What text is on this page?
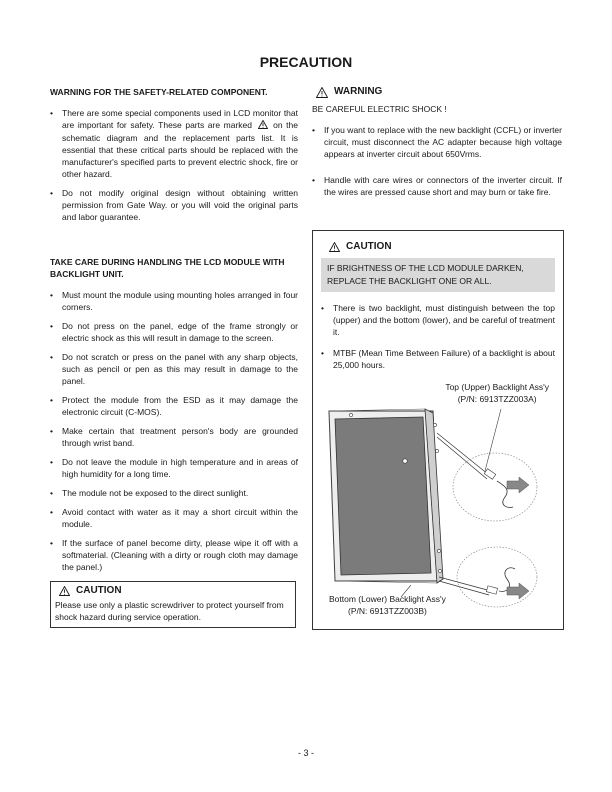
PRECAUTION
WARNING FOR THE SAFETY-RELATED COMPONENT.
• There are some special components used in LCD monitor that are important for safety. These parts are marked on the schematic diagram and the replacement parts list. It is essential that these critical parts should be replaced with the manufacturer's specified parts to prevent electric shock, fire or other hazard.
• Do not modify original design without obtaining written permission from Gate Way. or you will void the original parts and labor guarantee.
TAKE CARE DURING HANDLING THE LCD MODULE WITH BACKLIGHT UNIT.
• Must mount the module using mounting holes arranged in four corners.
• Do not press on the panel, edge of the frame strongly or electric shock as this will result in damage to the screen.
• Do not scratch or press on the panel with any sharp objects, such as pencil or pen as this may result in damage to the panel.
• Protect the module from the ESD as it may damage the electronic circuit (C-MOS).
• Make certain that treatment person's body are grounded through wrist band.
• Do not leave the module in high temperature and in areas of high humidity for a long time.
• The module not be exposed to the direct sunlight.
• Avoid contact with water as it may a short circuit within the module.
• If the surface of panel become dirty, please wipe it off with a softmaterial. (Cleaning with a dirty or rough cloth may damage the panel.)
CAUTION
Please use only a plastic screwdriver to protect yourself from shock hazard during service operation.
WARNING
BE CAREFUL ELECTRIC SHOCK !
• If you want to replace with the new backlight (CCFL) or inverter circuit, must disconnect the AC adapter because high voltage appears at inverter circuit about 650Vrms.
• Handle with care wires or connectors of the inverter circuit. If the wires are pressed cause short and may burn or take fire.
CAUTION
IF BRIGHTNESS OF THE LCD MODULE DARKEN, REPLACE THE BACKLIGHT ONE OR ALL.
• There is two backlight, must distinguish between the top (upper) and the bottom (lower), and be careful of treatment it.
• MTBF (Mean Time Between Failure) of a backlight is about 25,000 hours.
Top (Upper) Backlight Ass'y
(P/N: 6913TZZ003A)
Bottom (Lower) Backlight Ass'y
(P/N: 6913TZZ003B)
- 3 -
